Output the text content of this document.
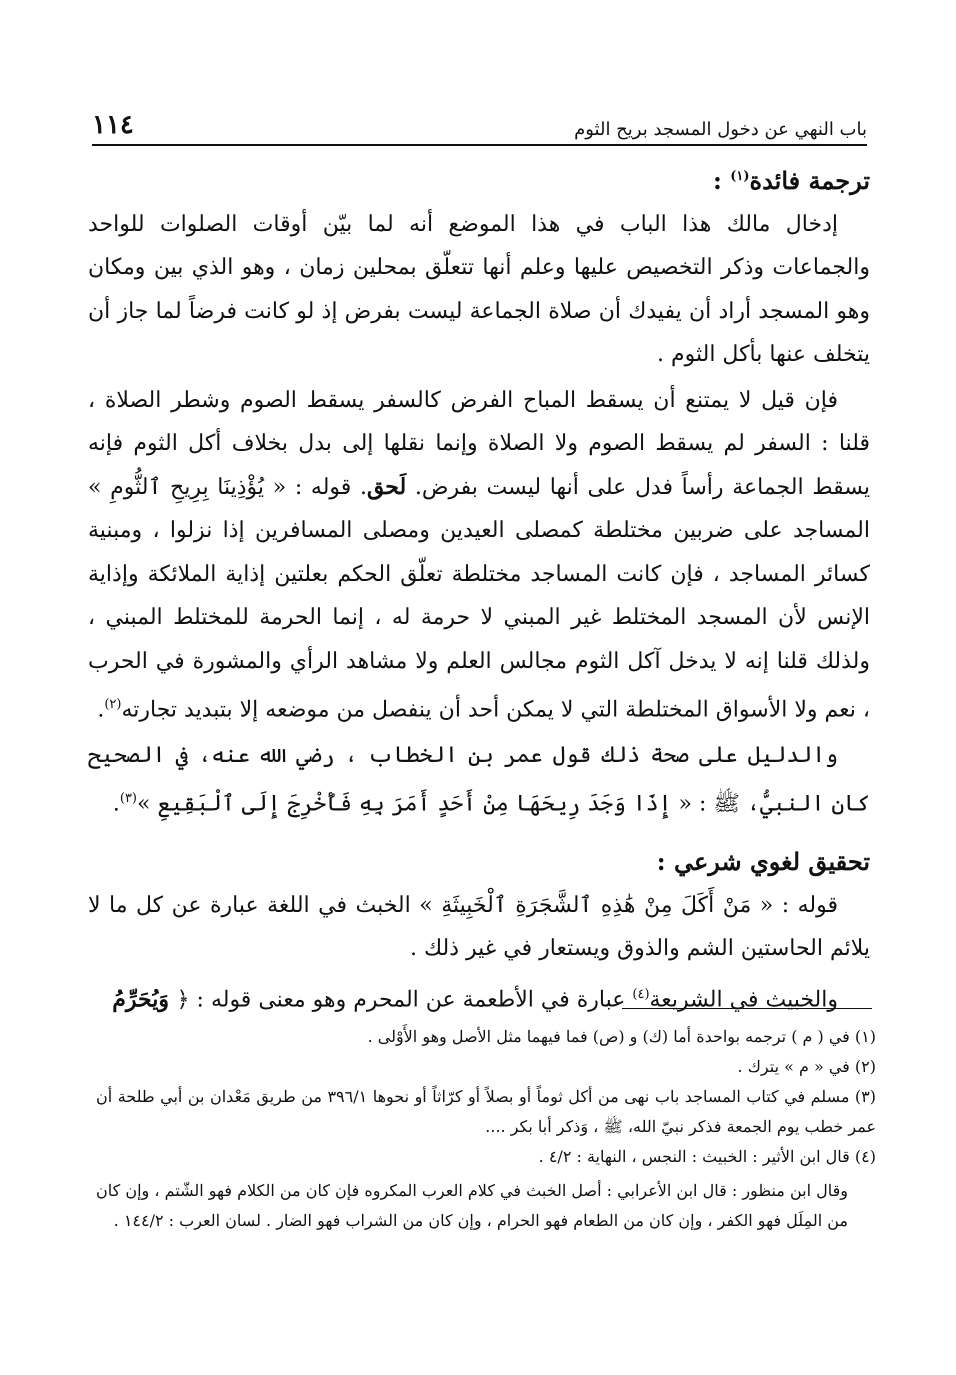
١١٤	باب النهي عن دخول المسجد بريح الثوم

ترجمة فائدة$^{(١)}$ :

إدخال مالك هذا الباب في هذا الموضع أنه لما بيّن أوقات الصلوات للواحد والجماعات وذكر التخصيص عليها وعلم أنها تتعلّق بمحلين زمان ، وهو الذي بين ومكان وهو المسجد أراد أن يفيدك أن صلاة الجماعة ليست بفرض إذ لو كانت فرضاً لما جاز أن يتخلف عنها بأكل الثوم .

فإن قيل لا يمتنع أن يسقط المباح الفرض كالسفر يسقط الصوم وشطر الصلاة ، قلنا : السفر لم يسقط الصوم ولا الصلاة وإنما نقلها إلى بدل بخلاف أكل الثوم فإنه يسقط الجماعة رأساً فدل على أنها ليست بفرض. لَحق. قوله : « يُؤْذِينَا بِرِيحِ ٱلثُّومِ » المساجد على ضربين مختلطة كمصلى العيدين ومصلى المسافرين إذا نزلوا ، ومبنية كسائر المساجد ، فإن كانت المساجد مختلطة تعلّق الحكم بعلتين إذاية الملائكة وإذاية الإنس لأن المسجد المختلط غير المبني لا حرمة له ، إنما الحرمة للمختلط المبني ، ولذلك قلنا إنه لا يدخل آكل الثوم مجالس العلم ولا مشاهد الرأي والمشورة في الحرب ، نعم ولا الأسواق المختلطة التي لا يمكن أحد أن ينفصل من موضعه إلا بتبديد تجارته$^{(٢)}$.

والدليل على صحة ذلك قول عمر بن الخطاب ، رضي الله عنه، في الصحيح كان النبيُّ، ﷺ : « إِذَا وَجَدَ رِيحَهَا مِنْ أَحَدٍ أَمَرَ بِهِ فَأُخْرِجَ إِلَى ٱلْبَقِيعِ »$^{(٣)}$.

تحقيق لغوي شرعي :

قوله : « مَنْ أَكَلَ مِنْ هَٰذِهِ ٱلشَّجَرَةِ ٱلْخَبِيثَةِ » الخبث في اللغة عبارة عن كل ما لا يلائم الحاستين الشم والذوق ويستعار في غير ذلك .

والخبيث في الشريعة$^{(٤)}$ عبارة في الأطعمة عن المحرم وهو معنى قوله : ﴿ وَيُحَرِّمُ

(١) في ( م ) ترجمه بواحدة أما (ك) و (ص) فما فيهما مثل الأصل وهو الأَوْلى .

(٢) في « م » يترك .

(٣) مسلم في كتاب المساجد باب نهى من أكل ثوماً أو بصلاً أو كرّاثاً أو نحوها ٣٩٦/١ من طريق مَعْدان بن أبي طلحة أن عمر خطب يوم الجمعة فذكر نبيّ الله، ﷺ ، وَذكر أبا بكر ....

(٤) قال ابن الأثير : الخبيث : النجس ، النهاية : ٤/٢ .

وقال ابن منظور : قال ابن الأعرابي : أصل الخبث في كلام العرب المكروه فإن كان من الكلام فهو الشّتم ، وإن كان من المِلَل فهو الكفر ، وإن كان من الطعام فهو الحرام ، وإن كان من الشراب فهو الضار . لسان العرب : ١٤٤/٢ .
